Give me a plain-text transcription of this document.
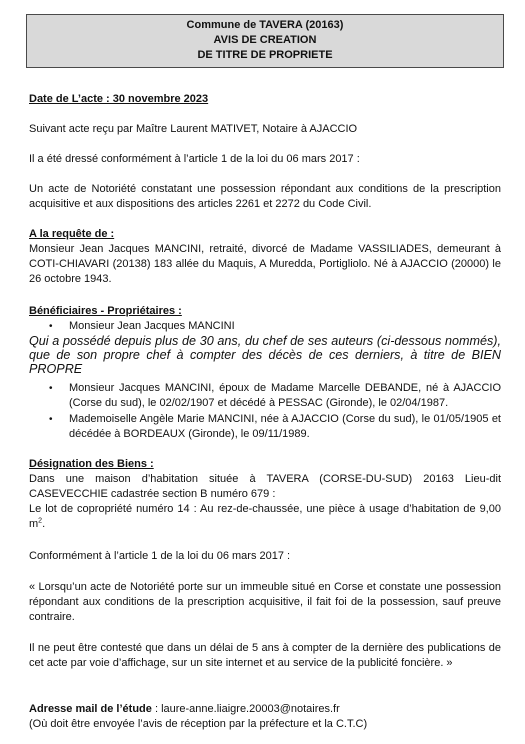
Commune de TAVERA (20163)
AVIS DE CREATION
DE TITRE DE PROPRIETE

Date de L’acte : 30 novembre 2023

Suivant acte reçu par Maître Laurent MATIVET, Notaire à AJACCIO

Il a été dressé conformément à l’article 1 de la loi du 06 mars 2017 :

Un acte de Notoriété constatant une possession répondant aux conditions de la prescription acquisitive et aux dispositions des articles 2261 et 2272 du Code Civil.

A la requête de :

Monsieur Jean Jacques MANCINI, retraité, divorcé de Madame VASSILIADES, demeurant à COTI-CHIAVARI (20138) 183 allée du Maquis, A Muredda, Portigliolo. Né à AJACCIO (20000) le 26 octobre 1943.

Bénéficiaires - Propriétaires :

• Monsieur Jean Jacques MANCINI

Qui a possédé depuis plus de 30 ans, du chef de ses auteurs (ci-dessous nommés), que de son propre chef à compter des décès de ces derniers, à titre de BIEN PROPRE

• Monsieur Jacques MANCINI, époux de Madame Marcelle DEBANDE, né à AJACCIO (Corse du sud), le 02/02/1907 et décédé à PESSAC (Gironde), le 02/04/1987.
• Mademoiselle Angèle Marie MANCINI, née à AJACCIO (Corse du sud), le 01/05/1905 et décédée à BORDEAUX (Gironde), le 09/11/1989.

Désignation des Biens :

Dans une maison d’habitation située à TAVERA (CORSE-DU-SUD) 20163 Lieu-dit CASEVECCHIE cadastrée section B numéro 679 :

Le lot de copropriété numéro 14 : Au rez-de-chaussée, une pièce à usage d’habitation de 9,00 $m^2$.

Conformément à l’article 1 de la loi du 06 mars 2017 :

« Lorsqu’un acte de Notoriété porte sur un immeuble situé en Corse et constate une possession répondant aux conditions de la prescription acquisitive, il fait foi de la possession, sauf preuve contraire.

Il ne peut être contesté que dans un délai de 5 ans à compter de la dernière des publications de cet acte par voie d’affichage, sur un site internet et au service de la publicité foncière. »

Adresse mail de l’étude : laure-anne.liaigre.20003@notaires.fr

(Où doit être envoyée l’avis de réception par la préfecture et la C.T.C)
